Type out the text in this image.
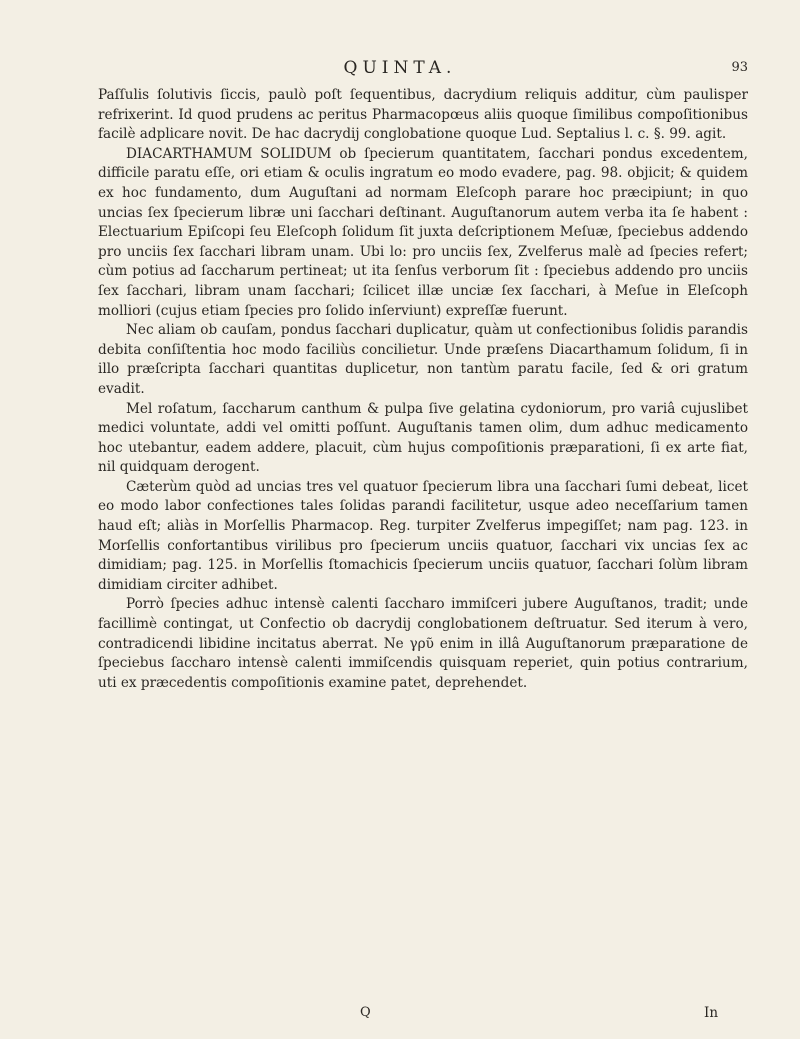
QUINTA.	93

Paſſulis ſolutivis ſiccis, paulò poſt ſequentibus, dacrydium reliquis additur, cùm paulisper refrixerint. Id quod prudens ac peritus Pharmacopœus aliis quoque ſimilibus compoſitionibus facilè adplicare novit. De hac dacrydij conglobatione quoque Lud. Septalius l. c. §. 99. agit.

DIACARTHAMUM SOLIDUM ob ſpecierum quantitatem, ſacchari pondus excedentem, difficile paratu eſſe, ori etiam & oculis ingratum eo modo evadere, pag. 98. objicit; & quidem ex hoc fundamento, dum Auguſtani ad normam Eleſcoph parare hoc præcipiunt; in quo uncias ſex ſpecierum libræ uni ſacchari deſtinant. Auguſtanorum autem verba ita ſe habent : Electuarium Epiſcopi ſeu Eleſcoph ſolidum ſit juxta deſcriptionem Meſuæ, ſpeciebus addendo pro unciis ſex ſacchari libram unam. Ubi lo: pro unciis ſex, Zvelferus malè ad ſpecies refert; cùm potius ad ſaccharum pertineat; ut ita ſenſus verborum ſit : ſpeciebus addendo pro unciis ſex ſacchari, libram unam ſacchari; ſcilicet illæ unciæ ſex ſacchari, à Meſue in Eleſcoph molliori (cujus etiam ſpecies pro ſolido inſerviunt) expreſſæ fuerunt.

Nec aliam ob cauſam, pondus ſacchari duplicatur, quàm ut confectionibus ſolidis parandis debita conſiſtentia hoc modo faciliùs concilietur. Unde præſens Diacarthamum ſolidum, ſi in illo præſcripta ſacchari quantitas duplicetur, non tantùm paratu facile, ſed & ori gratum evadit.

Mel roſatum, ſaccharum canthum & pulpa ſive gelatina cydoniorum, pro variâ cujuslibet medici voluntate, addi vel omitti poſſunt. Auguſtanis tamen olim, dum adhuc medicamento hoc utebantur, eadem addere, placuit, cùm hujus compoſitionis præparationi, ſi ex arte fiat, nil quidquam derogent.

Cæterùm quòd ad uncias tres vel quatuor ſpecierum libra una ſacchari ſumi debeat, licet eo modo labor confectiones tales ſolidas parandi facilitetur, usque adeo neceſſarium tamen haud eſt; aliàs in Morſellis Pharmacop. Reg. turpiter Zvelferus impegiſſet; nam pag. 123. in Morſellis confortantibus virilibus pro ſpecierum unciis quatuor, ſacchari vix uncias ſex ac dimidiam; pag. 125. in Morſellis ſtomachicis ſpecierum unciis quatuor, ſacchari ſolùm libram dimidiam circiter adhibet.

Porrò ſpecies adhuc intensè calenti ſaccharo immiſceri jubere Auguſtanos, tradit; unde facillimè contingat, ut Confectio ob dacrydij conglobationem deſtruatur. Sed iterum à vero, contradicendi libidine incitatus aberrat. Ne γρῦ enim in illâ Auguſtanorum præparatione de ſpeciebus ſaccharo intensè calenti immiſcendis quisquam reperiet, quin potius contrarium, uti ex præcedentis compoſitionis examine patet, deprehendet.

Q	In
